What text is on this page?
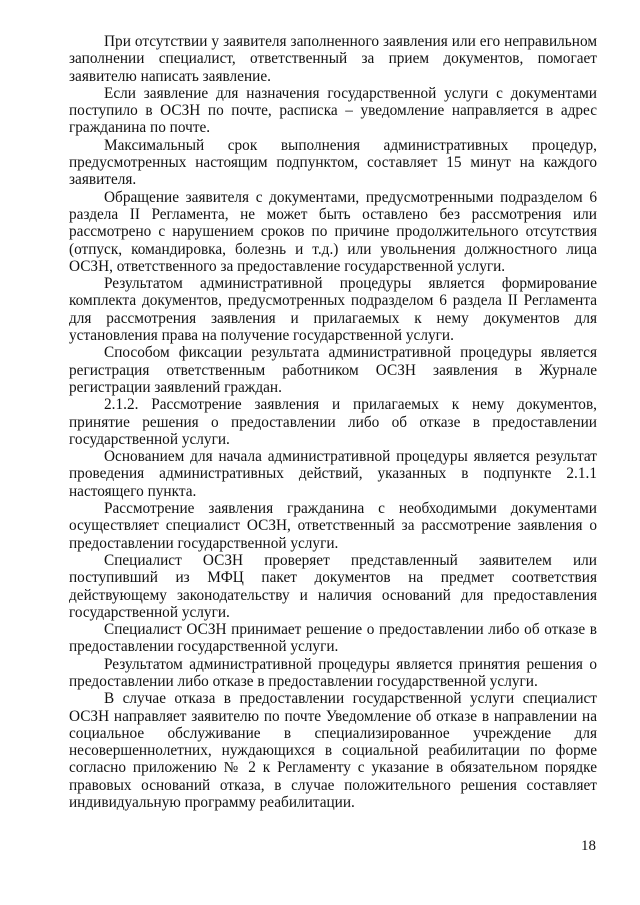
При отсутствии у заявителя заполненного заявления или его неправильном заполнении специалист, ответственный за прием документов, помогает заявителю написать заявление.

Если заявление для назначения государственной услуги с документами поступило в ОСЗН по почте, расписка – уведомление направляется в адрес гражданина по почте.

Максимальный срок выполнения административных процедур, предусмотренных настоящим подпунктом, составляет 15 минут на каждого заявителя.

Обращение заявителя с документами, предусмотренными подразделом 6 раздела II Регламента, не может быть оставлено без рассмотрения или рассмотрено с нарушением сроков по причине продолжительного отсутствия (отпуск, командировка, болезнь и т.д.) или увольнения должностного лица ОСЗН, ответственного за предоставление государственной услуги.

Результатом административной процедуры является формирование комплекта документов, предусмотренных подразделом 6 раздела II Регламента для рассмотрения заявления и прилагаемых к нему документов для установления права на получение государственной услуги.

Способом фиксации результата административной процедуры является регистрация ответственным работником ОСЗН заявления в Журнале регистрации заявлений граждан.

2.1.2. Рассмотрение заявления и прилагаемых к нему документов, принятие решения о предоставлении либо об отказе в предоставлении государственной услуги.

Основанием для начала административной процедуры является результат проведения административных действий, указанных в подпункте 2.1.1 настоящего пункта.

Рассмотрение заявления гражданина с необходимыми документами осуществляет специалист ОСЗН, ответственный за рассмотрение заявления о предоставлении государственной услуги.

Специалист ОСЗН проверяет представленный заявителем или поступивший из МФЦ пакет документов на предмет соответствия действующему законодательству и наличия оснований для предоставления государственной услуги.

Специалист ОСЗН принимает решение о предоставлении либо об отказе в предоставлении государственной услуги.

Результатом административной процедуры является принятия решения о предоставлении либо отказе в предоставлении государственной услуги.

В случае отказа в предоставлении государственной услуги специалист ОСЗН направляет заявителю по почте Уведомление об отказе в направлении на социальное обслуживание в специализированное учреждение для несовершеннолетних, нуждающихся в социальной реабилитации по форме согласно приложению № 2 к Регламенту с указание в обязательном порядке правовых оснований отказа, в случае положительного решения составляет индивидуальную программу реабилитации.

18
